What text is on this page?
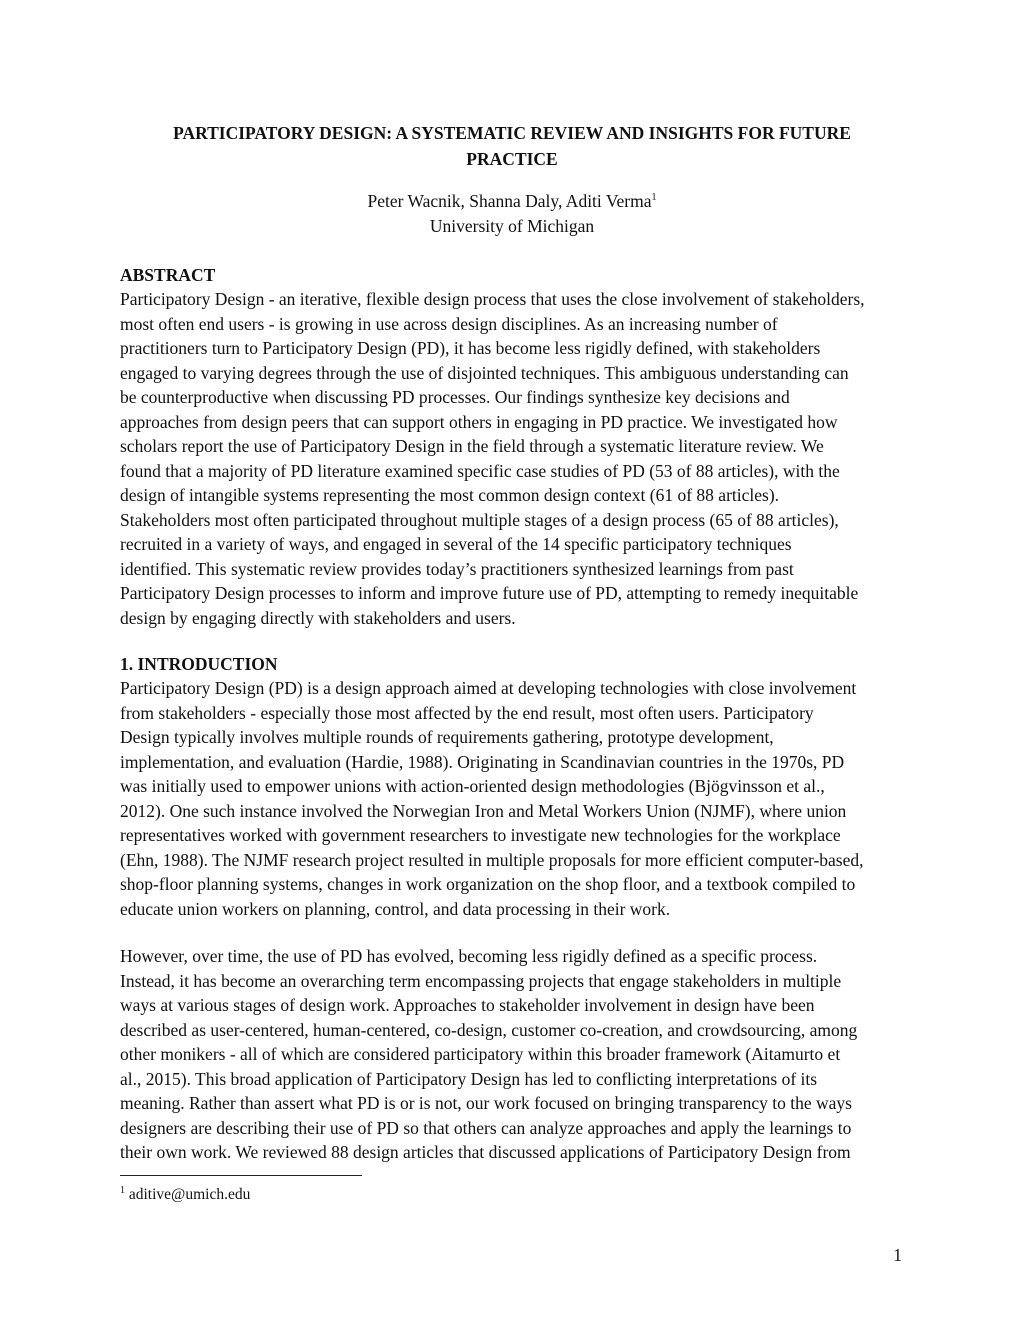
PARTICIPATORY DESIGN: A SYSTEMATIC REVIEW AND INSIGHTS FOR FUTURE
PRACTICE

Peter Wacnik, Shanna Daly, Aditi Verma$^1$

University of Michigan

ABSTRACT

Participatory Design - an iterative, flexible design process that uses the close involvement of stakeholders,
most often end users - is growing in use across design disciplines. As an increasing number of
practitioners turn to Participatory Design (PD), it has become less rigidly defined, with stakeholders
engaged to varying degrees through the use of disjointed techniques. This ambiguous understanding can
be counterproductive when discussing PD processes. Our findings synthesize key decisions and
approaches from design peers that can support others in engaging in PD practice. We investigated how
scholars report the use of Participatory Design in the field through a systematic literature review. We
found that a majority of PD literature examined specific case studies of PD (53 of 88 articles), with the
design of intangible systems representing the most common design context (61 of 88 articles).
Stakeholders most often participated throughout multiple stages of a design process (65 of 88 articles),
recruited in a variety of ways, and engaged in several of the 14 specific participatory techniques
identified. This systematic review provides today’s practitioners synthesized learnings from past
Participatory Design processes to inform and improve future use of PD, attempting to remedy inequitable
design by engaging directly with stakeholders and users.

1. INTRODUCTION

Participatory Design (PD) is a design approach aimed at developing technologies with close involvement
from stakeholders - especially those most affected by the end result, most often users. Participatory
Design typically involves multiple rounds of requirements gathering, prototype development,
implementation, and evaluation (Hardie, 1988). Originating in Scandinavian countries in the 1970s, PD
was initially used to empower unions with action-oriented design methodologies (Bjögvinsson et al.,
2012). One such instance involved the Norwegian Iron and Metal Workers Union (NJMF), where union
representatives worked with government researchers to investigate new technologies for the workplace
(Ehn, 1988). The NJMF research project resulted in multiple proposals for more efficient computer-based,
shop-floor planning systems, changes in work organization on the shop floor, and a textbook compiled to
educate union workers on planning, control, and data processing in their work.

However, over time, the use of PD has evolved, becoming less rigidly defined as a specific process.
Instead, it has become an overarching term encompassing projects that engage stakeholders in multiple
ways at various stages of design work. Approaches to stakeholder involvement in design have been
described as user-centered, human-centered, co-design, customer co-creation, and crowdsourcing, among
other monikers - all of which are considered participatory within this broader framework (Aitamurto et
al., 2015). This broad application of Participatory Design has led to conflicting interpretations of its
meaning. Rather than assert what PD is or is not, our work focused on bringing transparency to the ways
designers are describing their use of PD so that others can analyze approaches and apply the learnings to
their own work. We reviewed 88 design articles that discussed applications of Participatory Design from

$^1$ aditive@umich.edu

1
